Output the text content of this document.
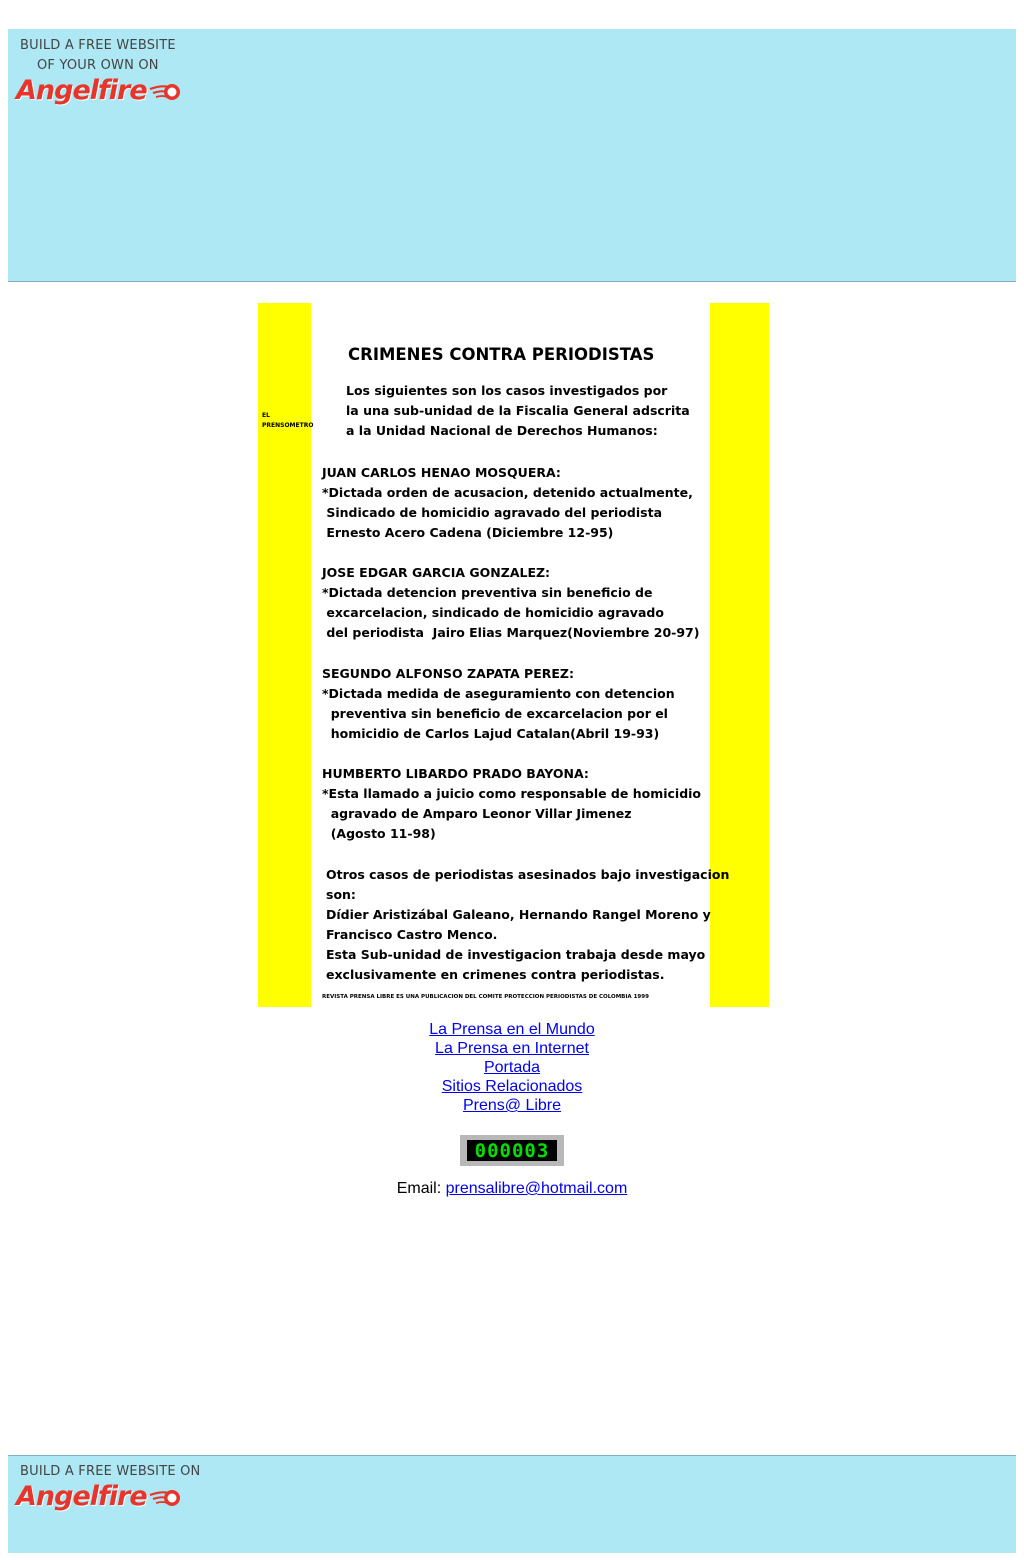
BUILD A FREE WEBSITE
OF YOUR OWN ON
Angelfire
EL
PRENSOMETRO
CRIMENES CONTRA PERIODISTAS
Los siguientes son los casos investigados por
la una sub-unidad de la Fiscalia General adscrita
a la Unidad Nacional de Derechos Humanos:
JUAN CARLOS HENAO MOSQUERA:
*Dictada orden de acusacion, detenido actualmente,
Sindicado de homicidio agravado del periodista
Ernesto Acero Cadena (Diciembre 12-95)
JOSE EDGAR GARCIA GONZALEZ:
*Dictada detencion preventiva sin beneficio de
excarcelacion, sindicado de homicidio agravado
del periodista  Jairo Elias Marquez(Noviembre 20-97)
SEGUNDO ALFONSO ZAPATA PEREZ:
*Dictada medida de aseguramiento con detencion
preventiva sin beneficio de excarcelacion por el
homicidio de Carlos Lajud Catalan(Abril 19-93)
HUMBERTO LIBARDO PRADO BAYONA:
*Esta llamado a juicio como responsable de homicidio
agravado de Amparo Leonor Villar Jimenez
(Agosto 11-98)
Otros casos de periodistas asesinados bajo investigacion
son:
Dídier Aristizábal Galeano, Hernando Rangel Moreno y
Francisco Castro Menco.
Esta Sub-unidad de investigacion trabaja desde mayo
exclusivamente en crimenes contra periodistas.
REVISTA PRENSA LIBRE ES UNA PUBLICACION DEL COMITE PROTECCION PERIODISTAS DE COLOMBIA 1999
La Prensa en el Mundo
La Prensa en Internet
Portada
Sitios Relacionados
Prens@ Libre
000003
Email: prensalibre@hotmail.com
BUILD A FREE WEBSITE ON
Angelfire
